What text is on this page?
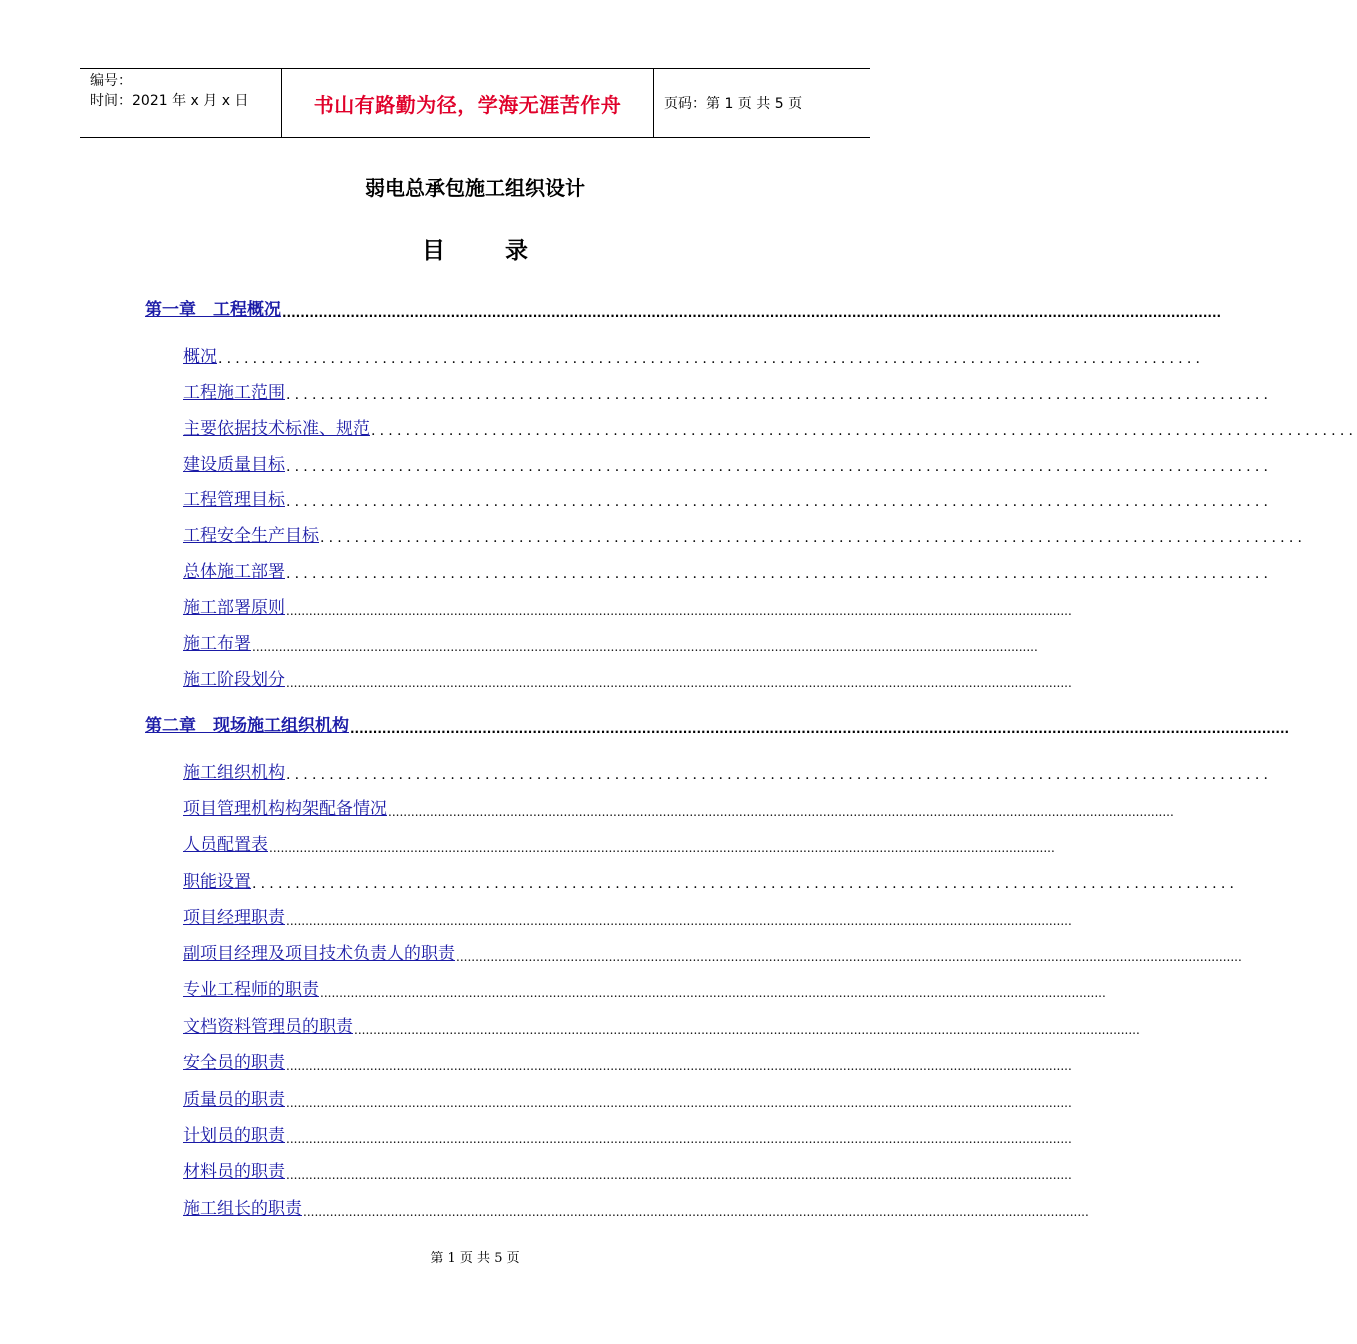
编号：
时间：2021 年 x 月 x 日	书山有路勤为径，学海无涯苦作舟	页码：第 1 页 共 5 页
弱电总承包施工组织设计
目	录
第一章　工程概况 ..............................................................................................................................................................................................................
概况 ..................................................................................................................
工程施工范围 ..................................................................................................................
主要依据技术标准、规范 ..................................................................................................................
建设质量目标 ..................................................................................................................
工程管理目标 ..................................................................................................................
工程安全生产目标 ..................................................................................................................
总体施工部署 ..................................................................................................................
施工部署原则 ..............................................................................................................................................................................................................
施工布署 ..............................................................................................................................................................................................................
施工阶段划分 ..............................................................................................................................................................................................................
第二章　现场施工组织机构 ..............................................................................................................................................................................................................
施工组织机构 ..................................................................................................................
项目管理机构构架配备情况 ..............................................................................................................................................................................................................
人员配置表 ..............................................................................................................................................................................................................
职能设置 ..................................................................................................................
项目经理职责 ..............................................................................................................................................................................................................
副项目经理及项目技术负责人的职责 ..............................................................................................................................................................................................................
专业工程师的职责 ..............................................................................................................................................................................................................
文档资料管理员的职责 ..............................................................................................................................................................................................................
安全员的职责 ..............................................................................................................................................................................................................
质量员的职责 ..............................................................................................................................................................................................................
计划员的职责 ..............................................................................................................................................................................................................
材料员的职责 ..............................................................................................................................................................................................................
施工组长的职责 ..............................................................................................................................................................................................................
第 1 页 共 5 页
